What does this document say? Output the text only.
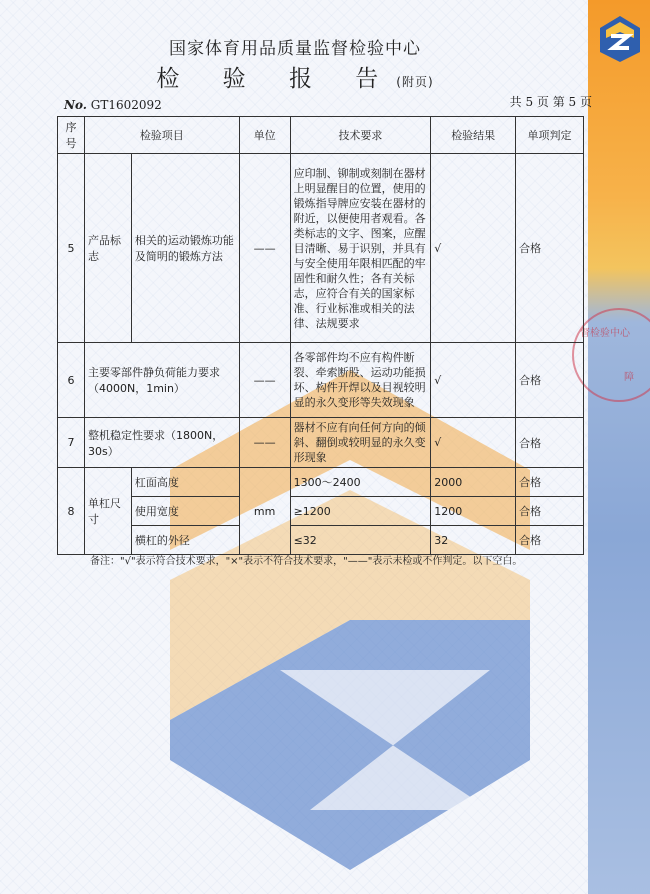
督检验中心
障
国家体育用品质量监督检验中心
检 验 报 告(附页)
No. GT1602092	共 5 页 第 5 页
序号	检验项目		单位	技术要求	检验结果	单项判定
5	产品标志	相关的运动锻炼功能及简明的锻炼方法	——	应印制、铆制或刻制在器材上明显醒目的位置，使用的锻炼指导牌应安装在器材的附近，以便使用者观看。各类标志的文字、图案，应醒目清晰、易于识别，并具有与安全使用年限相匹配的牢固性和耐久性；各有关标志，应符合有关的国家标准、行业标准或相关的法律、法规要求	√	合格
6	主要零部件静负荷能力要求（4000N，1min）		——	各零部件均不应有构件断裂、牵索断股、运动功能损坏、构件开焊以及目视较明显的永久变形等失效现象	√	合格
7	整机稳定性要求（1800N，30s）		——	器材不应有向任何方向的倾斜、翻倒或较明显的永久变形现象	√	合格
8	单杠尺寸	杠面高度	mm	1300～2400	2000	合格
		使用宽度		≥1200	1200	合格
		横杠的外径		≤32	32	合格
备注："√"表示符合技术要求，"×"表示不符合技术要求，"——"表示未检或不作判定。以下空白。
